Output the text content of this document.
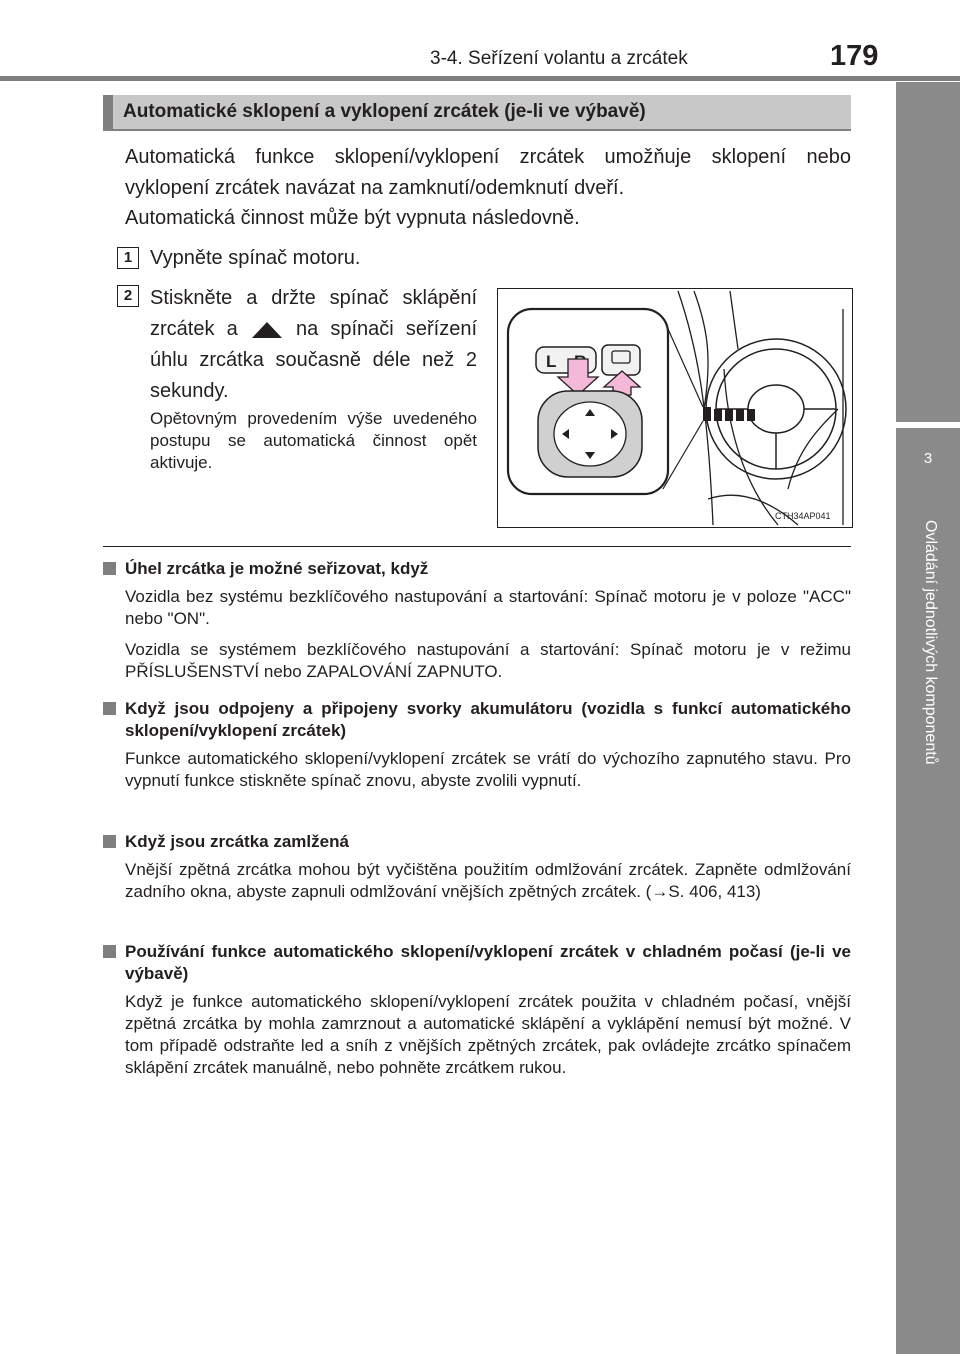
3-4. Seřízení volantu a zrcátek	179
3
Ovládání jednotlivých komponentů
Automatické sklopení a vyklopení zrcátek (je-li ve výbavě)
Automatická funkce sklopení/vyklopení zrcátek umožňuje sklopení nebo vyklopení zrcátek navázat na zamknutí/odemknutí dveří.
Automatická činnost může být vypnuta následovně.
1 Vypněte spínač motoru.
2 Stiskněte a držte spínač sklápění zrcátek a	na spínači seřízení úhlu zrcátka současně déle než 2 sekundy.
Opětovným provedením výše uvedeného postupu se automatická činnost opět aktivuje.
L
CTH34AP041
Úhel zrcátka je možné seřizovat, když
Vozidla bez systému bezklíčového nastupování a startování: Spínač motoru je v poloze "ACC" nebo "ON".
Vozidla se systémem bezklíčového nastupování a startování: Spínač motoru je v režimu PŘÍSLUŠENSTVÍ nebo ZAPALOVÁNÍ ZAPNUTO.
Když jsou odpojeny a připojeny svorky akumulátoru (vozidla s funkcí automatického sklopení/vyklopení zrcátek)
Funkce automatického sklopení/vyklopení zrcátek se vrátí do výchozího zapnutého stavu. Pro vypnutí funkce stiskněte spínač znovu, abyste zvolili vypnutí.
Když jsou zrcátka zamlžená
Vnější zpětná zrcátka mohou být vyčištěna použitím odmlžování zrcátek. Zapněte odmlžování zadního okna, abyste zapnuli odmlžování vnějších zpětných zrcátek. (→S. 406, 413)
Používání funkce automatického sklopení/vyklopení zrcátek v chladném počasí (je-li ve výbavě)
Když je funkce automatického sklopení/vyklopení zrcátek použita v chladném počasí, vnější zpětná zrcátka by mohla zamrznout a automatické sklápění a vyklápění nemusí být možné. V tom případě odstraňte led a sníh z vnějších zpětných zrcátek, pak ovládejte zrcátko spínačem sklápění zrcátek manuálně, nebo pohněte zrcátkem rukou.
